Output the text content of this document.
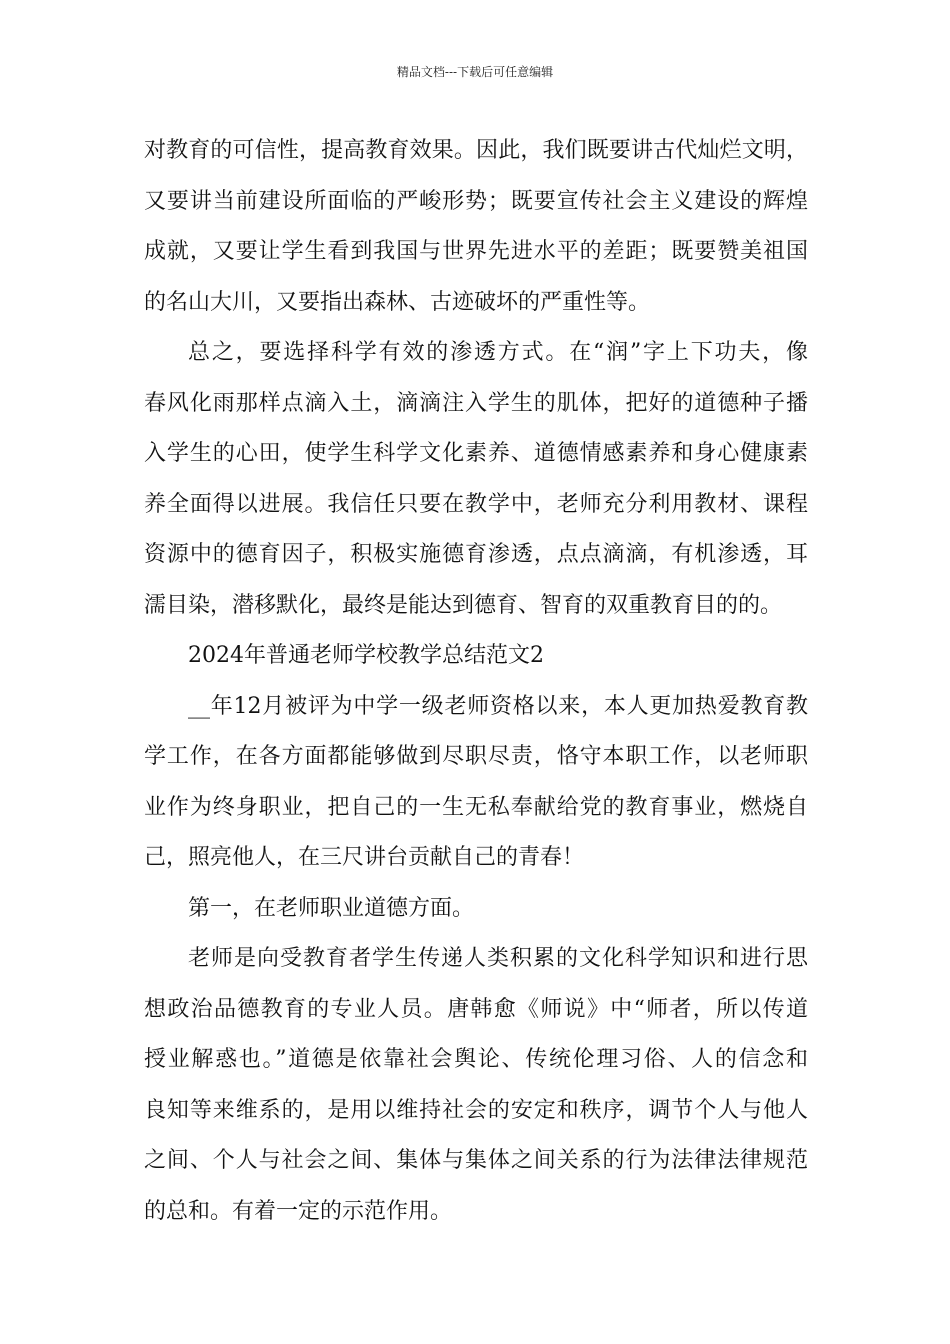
精品文档---下载后可任意编辑
对教育的可信性，提高教育效果。因此，我们既要讲古代灿烂文明，
又要讲当前建设所面临的严峻形势；既要宣传社会主义建设的辉煌
成就，又要让学生看到我国与世界先进水平的差距；既要赞美祖国
的名山大川，又要指出森林、古迹破坏的严重性等。
总之，要选择科学有效的渗透方式。在“润”字上下功夫，像
春风化雨那样点滴入土，滴滴注入学生的肌体，把好的道德种子播
入学生的心田，使学生科学文化素养、道德情感素养和身心健康素
养全面得以进展。我信任只要在教学中，老师充分利用教材、课程
资源中的德育因子，积极实施德育渗透，点点滴滴，有机渗透，耳
濡目染，潜移默化，最终是能达到德育、智育的双重教育目的的。
2024年普通老师学校教学总结范文2
__年12月被评为中学一级老师资格以来，本人更加热爱教育教
学工作，在各方面都能够做到尽职尽责，恪守本职工作，以老师职
业作为终身职业，把自己的一生无私奉献给党的教育事业，燃烧自
己，照亮他人，在三尺讲台贡献自己的青春！
第一，在老师职业道德方面。
老师是向受教育者学生传递人类积累的文化科学知识和进行思
想政治品德教育的专业人员。唐韩愈《师说》中“师者，所以传道
授业解惑也。”道德是依靠社会舆论、传统伦理习俗、人的信念和
良知等来维系的，是用以维持社会的安定和秩序，调节个人与他人
之间、个人与社会之间、集体与集体之间关系的行为法律法律规范
的总和。有着一定的示范作用。
